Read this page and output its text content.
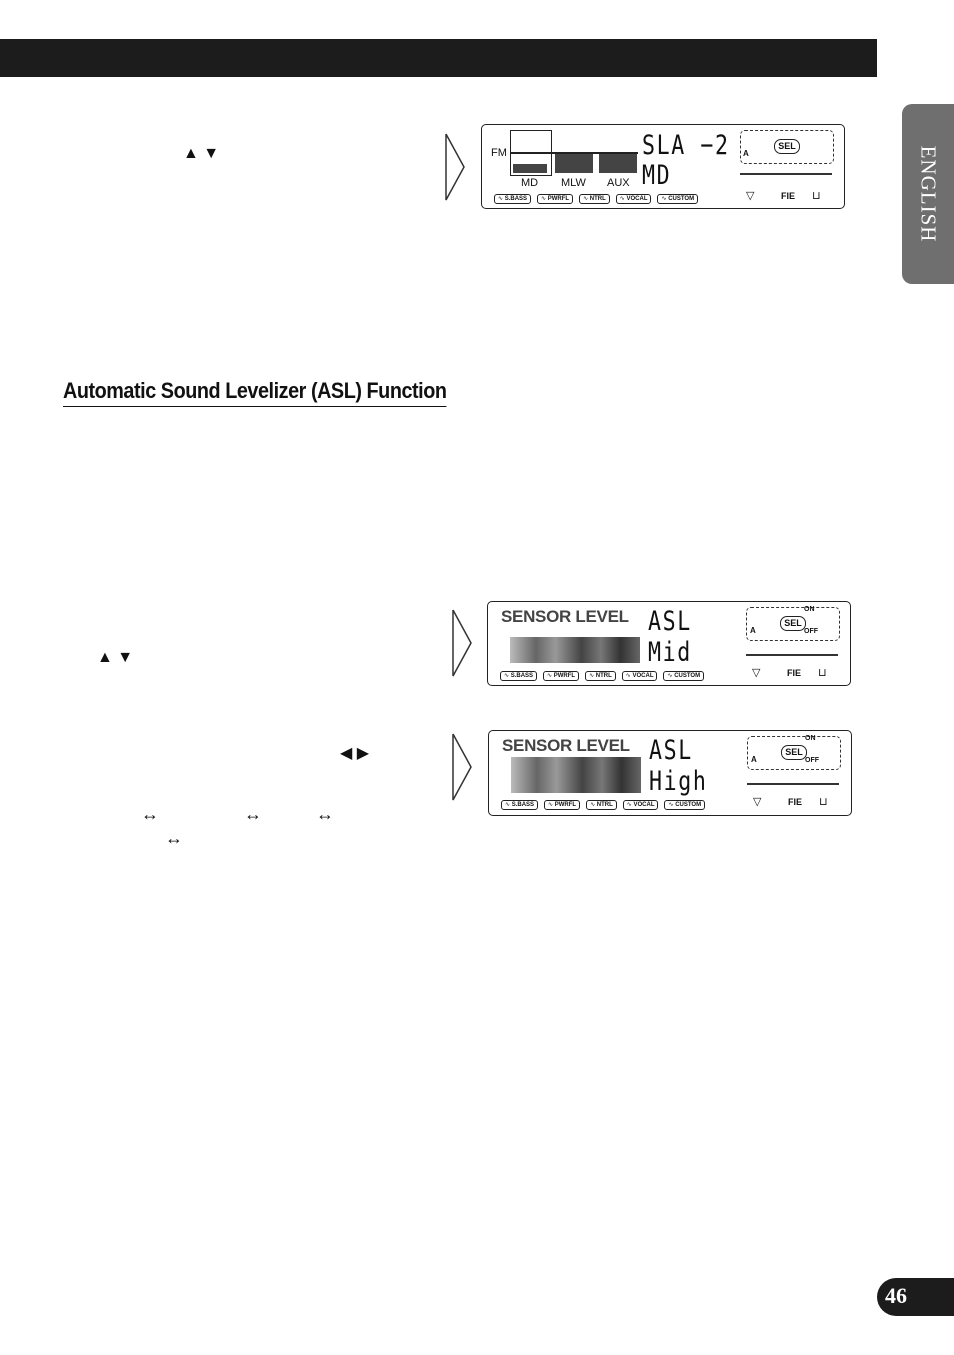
ENGLISH
46
▲ ▼	FM
MD MLW AUX
SLA −2
MD
A
SEL
FIE
▽	⊔
∿ S.BASS	∿ PWRFL	∿ NTRL	∿ VOCAL	∿ CUSTOM
Automatic Sound Levelizer (ASL) Function
▲ ▼
SENSOR LEVEL ASL
Mid
A
SEL
ON
OFF
FIE
▽	⊔
∿ S.BASS	∿ PWRFL	∿ NTRL	∿ VOCAL	∿ CUSTOM
◀ ▶
↔	↔	↔
↔
SENSOR LEVEL ASL
High
A
SEL
ON
OFF
FIE
▽	⊔
∿ S.BASS	∿ PWRFL	∿ NTRL	∿ VOCAL	∿ CUSTOM
